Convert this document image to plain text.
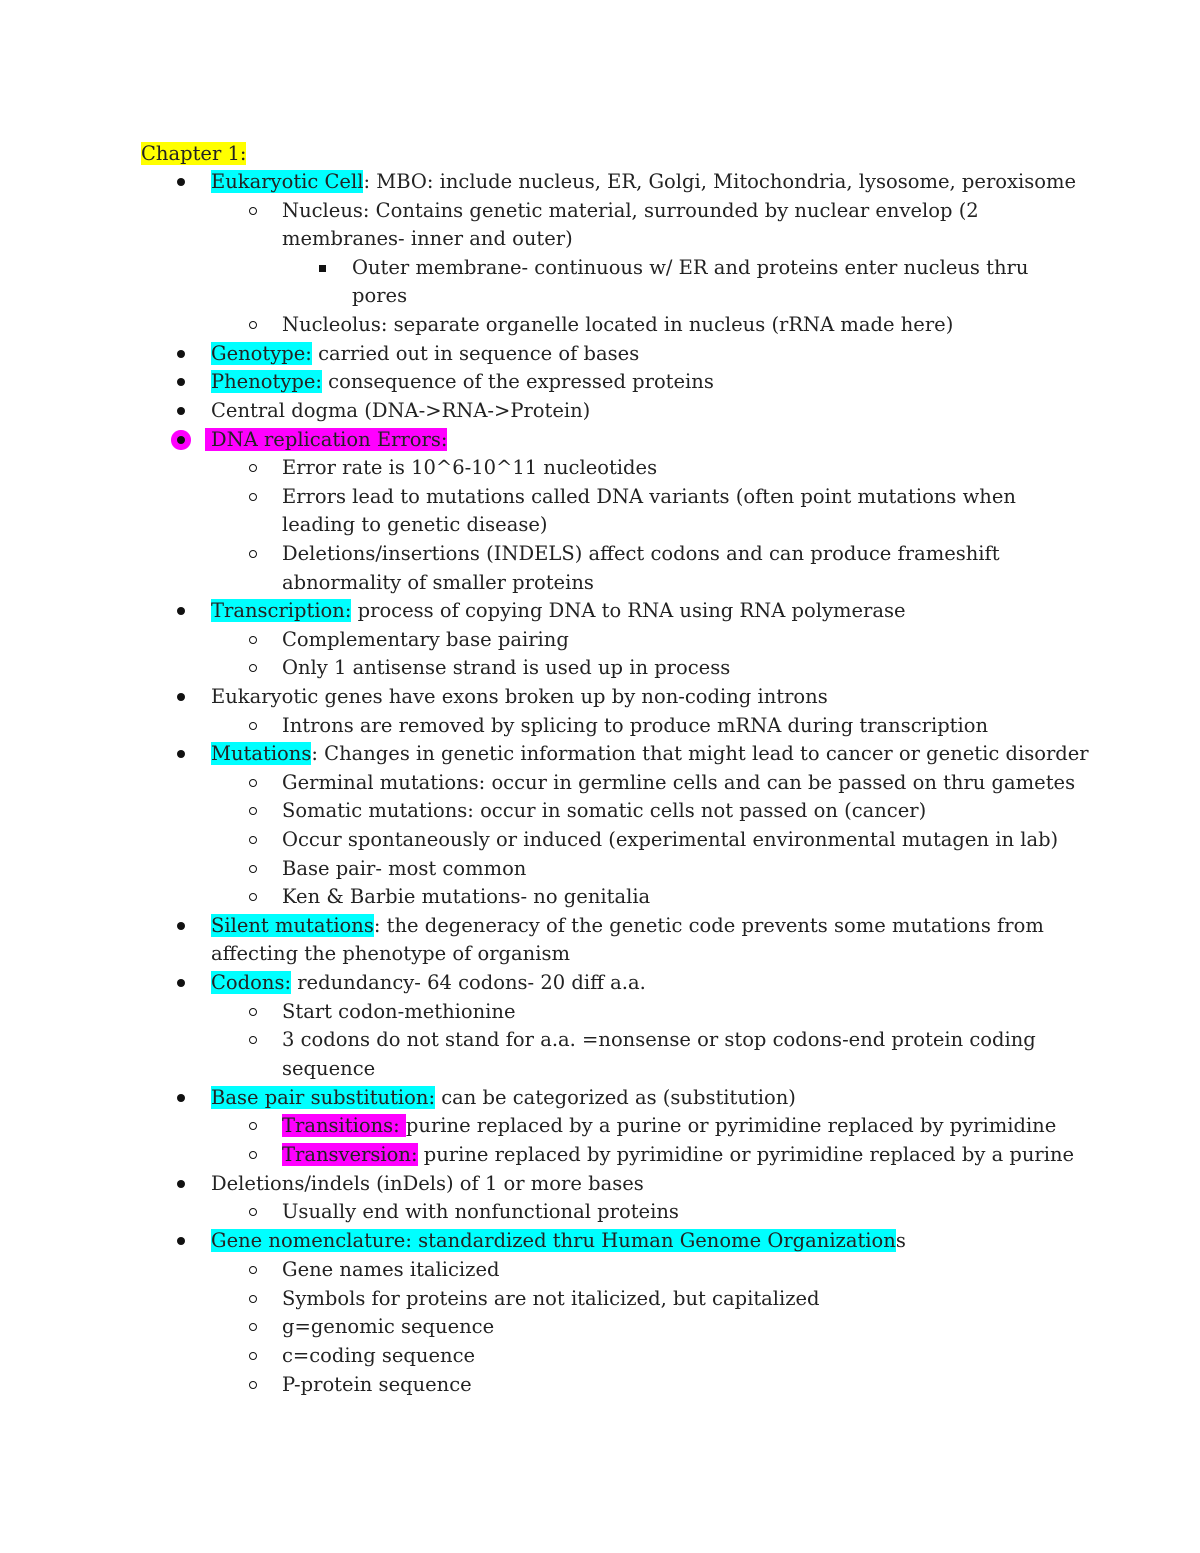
Chapter 1:
Eukaryotic Cell: MBO: include nucleus, ER, Golgi, Mitochondria, lysosome, peroxisome
Nucleus: Contains genetic material, surrounded by nuclear envelop (2
membranes- inner and outer)
Outer membrane- continuous w/ ER and proteins enter nucleus thru
pores
Nucleolus: separate organelle located in nucleus (rRNA made here)
Genotype: carried out in sequence of bases
Phenotype: consequence of the expressed proteins
Central dogma (DNA->RNA->Protein)
DNA replication Errors:
Error rate is 10^6-10^11 nucleotides
Errors lead to mutations called DNA variants (often point mutations when
leading to genetic disease)
Deletions/insertions (INDELS) affect codons and can produce frameshift
abnormality of smaller proteins
Transcription: process of copying DNA to RNA using RNA polymerase
Complementary base pairing
Only 1 antisense strand is used up in process
Eukaryotic genes have exons broken up by non-coding introns
Introns are removed by splicing to produce mRNA during transcription
Mutations: Changes in genetic information that might lead to cancer or genetic disorder
Germinal mutations: occur in germline cells and can be passed on thru gametes
Somatic mutations: occur in somatic cells not passed on (cancer)
Occur spontaneously or induced (experimental environmental mutagen in lab)
Base pair- most common
Ken & Barbie mutations- no genitalia
Silent mutations: the degeneracy of the genetic code prevents some mutations from
affecting the phenotype of organism
Codons: redundancy- 64 codons- 20 diff a.a.
Start codon-methionine
3 codons do not stand for a.a. =nonsense or stop codons-end protein coding
sequence
Base pair substitution: can be categorized as (substitution)
Transitions: purine replaced by a purine or pyrimidine replaced by pyrimidine
Transversion: purine replaced by pyrimidine or pyrimidine replaced by a purine
Deletions/indels (inDels) of 1 or more bases
Usually end with nonfunctional proteins
Gene nomenclature: standardized thru Human Genome Organizations
Gene names italicized
Symbols for proteins are not italicized, but capitalized
g=genomic sequence
c=coding sequence
P-protein sequence
